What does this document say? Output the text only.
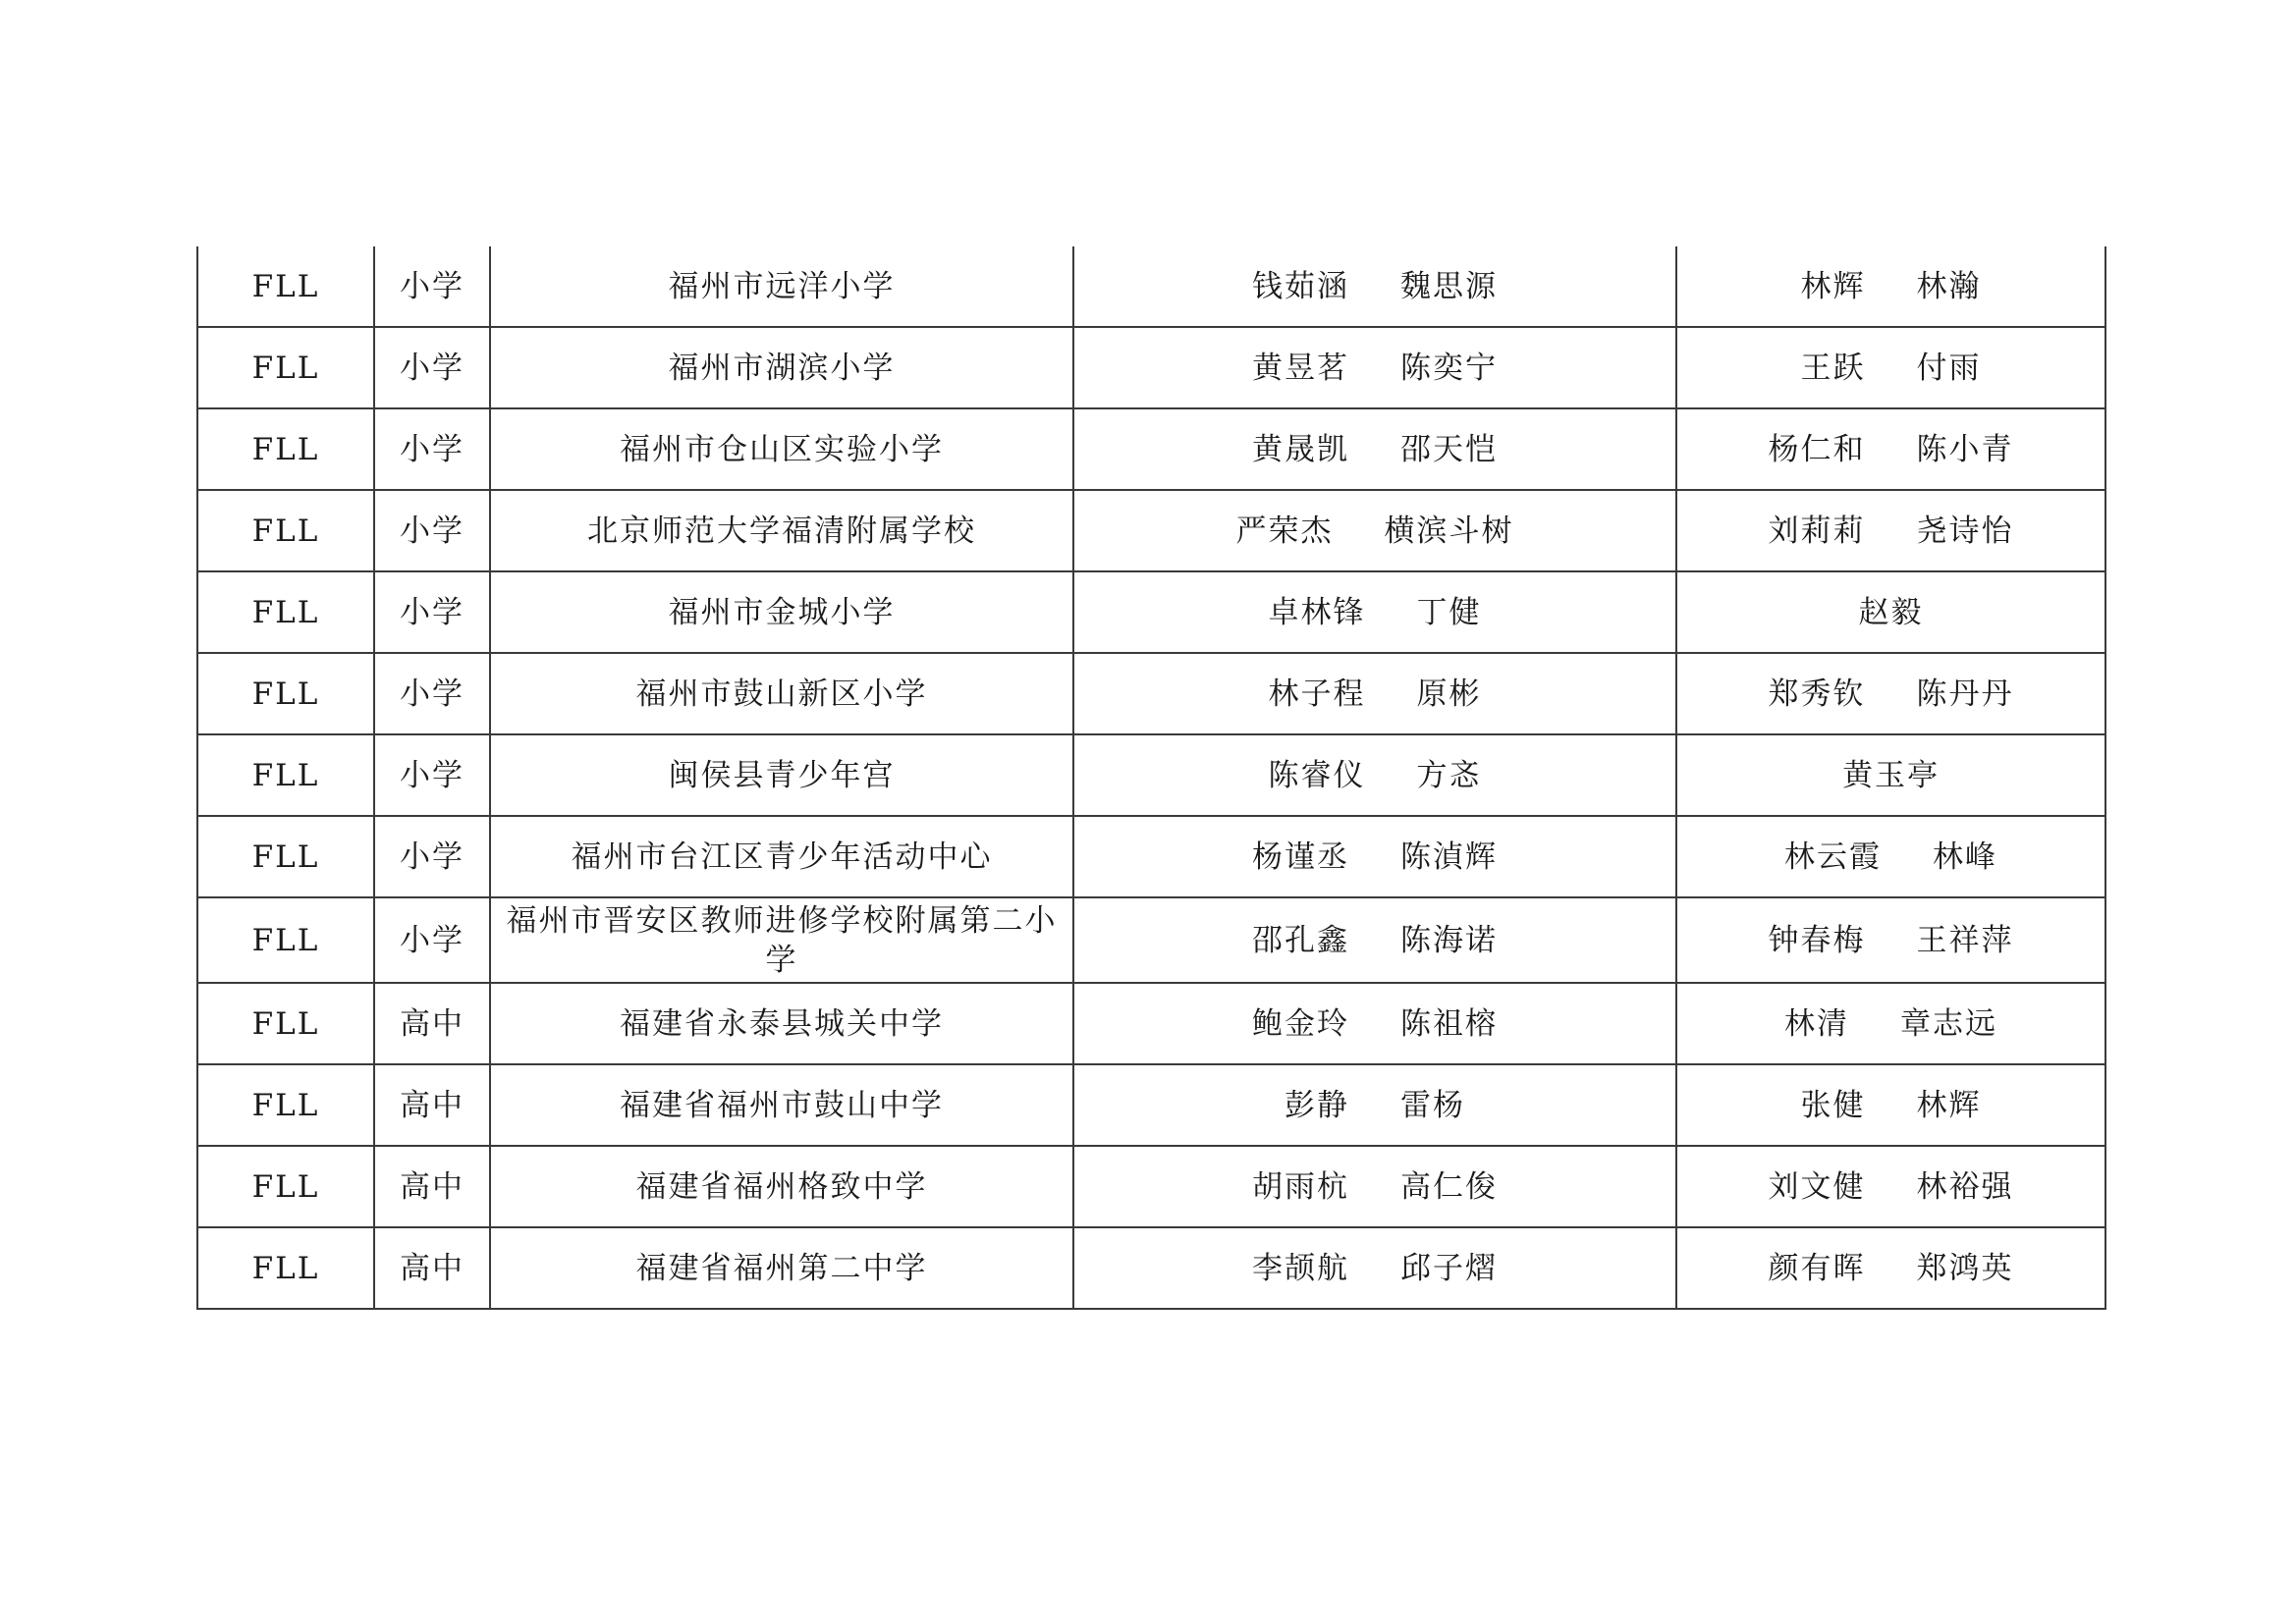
FLL	小学	福州市远洋小学	钱茹涵 魏思源	林辉 林瀚
FLL	小学	福州市湖滨小学	黄昱茗 陈奕宁	王跃 付雨
FLL	小学	福州市仓山区实验小学	黄晟凯 邵天恺	杨仁和 陈小青
FLL	小学	北京师范大学福清附属学校	严荣杰 横滨斗树	刘莉莉 尧诗怡
FLL	小学	福州市金城小学	卓林锋 丁健	赵毅
FLL	小学	福州市鼓山新区小学	林子程 原彬	郑秀钦 陈丹丹
FLL	小学	闽侯县青少年宫	陈睿仪 方忞	黄玉亭
FLL	小学	福州市台江区青少年活动中心	杨谨丞 陈湞辉	林云霞 林峰
FLL	小学	福州市晋安区教师进修学校附属第二小学	邵孔鑫 陈海诺	钟春梅 王祥萍
FLL	高中	福建省永泰县城关中学	鲍金玲 陈祖榕	林清 章志远
FLL	高中	福建省福州市鼓山中学	彭静 雷杨	张健 林辉
FLL	高中	福建省福州格致中学	胡雨杭 高仁俊	刘文健 林裕强
FLL	高中	福建省福州第二中学	李颉航 邱子熠	颜有晖 郑鸿英
